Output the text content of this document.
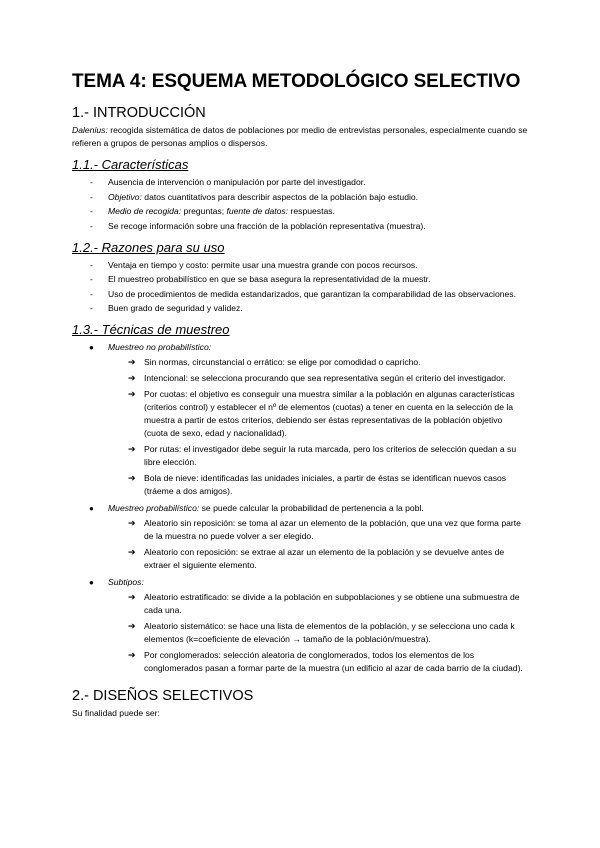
TEMA 4: ESQUEMA METODOLÓGICO SELECTIVO
1.- INTRODUCCIÓN

Dalenius: recogida sistemática de datos de poblaciones por medio de entrevistas personales, especialmente cuando se refieren a grupos de personas amplios o dispersos.

1.1.- Características
- Ausencia de intervención o manipulación por parte del investigador.
- Objetivo: datos cuantitativos para describir aspectos de la población bajo estudio.
- Medio de recogida: preguntas; fuente de datos: respuestas.
- Se recoge información sobre una fracción de la población representativa (muestra).
1.2.- Razones para su uso
- Ventaja en tiempo y costo: permite usar una muestra grande con pocos recursos.
- El muestreo probabilístico en que se basa asegura la representatividad de la muestr.
- Uso de procedimientos de medida estandarizados, que garantizan la comparabilidad de las observaciones.
- Buen grado de seguridad y validez.
1.3.- Técnicas de muestreo
● Muestreo no probabilístico:
➔ Sin normas, circunstancial o errático: se elige por comodidad o capricho.
➔ Intencional: se selecciona procurando que sea representativa según el criterio del investigador.
➔ Por cuotas: el objetivo es conseguir una muestra similar a la población en algunas características (criterios control) y establecer el nº de elementos (cuotas) a tener en cuenta en la selección de la muestra a partir de estos criterios, debiendo ser éstas representativas de la población objetivo (cuota de sexo, edad y nacionalidad).
➔ Por rutas: el investigador debe seguir la ruta marcada, pero los criterios de selección quedan a su libre elección.
➔ Bola de nieve: identificadas las unidades iniciales, a partir de éstas se identifican nuevos casos (tráeme a dos amigos).
● Muestreo probabilístico: se puede calcular la probabilidad de pertenencia a la pobl.
➔ Aleatorio sin reposición: se toma al azar un elemento de la población, que una vez que forma parte de la muestra no puede volver a ser elegido.
➔ Aleatorio con reposición: se extrae al azar un elemento de la población y se devuelve antes de extraer el siguiente elemento.
● Subtipos:
➔ Aleatorio estratificado: se divide a la población en subpoblaciones y se obtiene una submuestra de cada una.
➔ Aleatorio sistemático: se hace una lista de elementos de la población, y se selecciona uno cada k elementos (k=coeficiente de elevación → tamaño de la población/muestra).
➔ Por conglomerados: selección aleatoria de conglomerados, todos los elementos de los conglomerados pasan a formar parte de la muestra (un edificio al azar de cada barrio de la ciudad).
2.- DISEÑOS SELECTIVOS

Su finalidad puede ser:
